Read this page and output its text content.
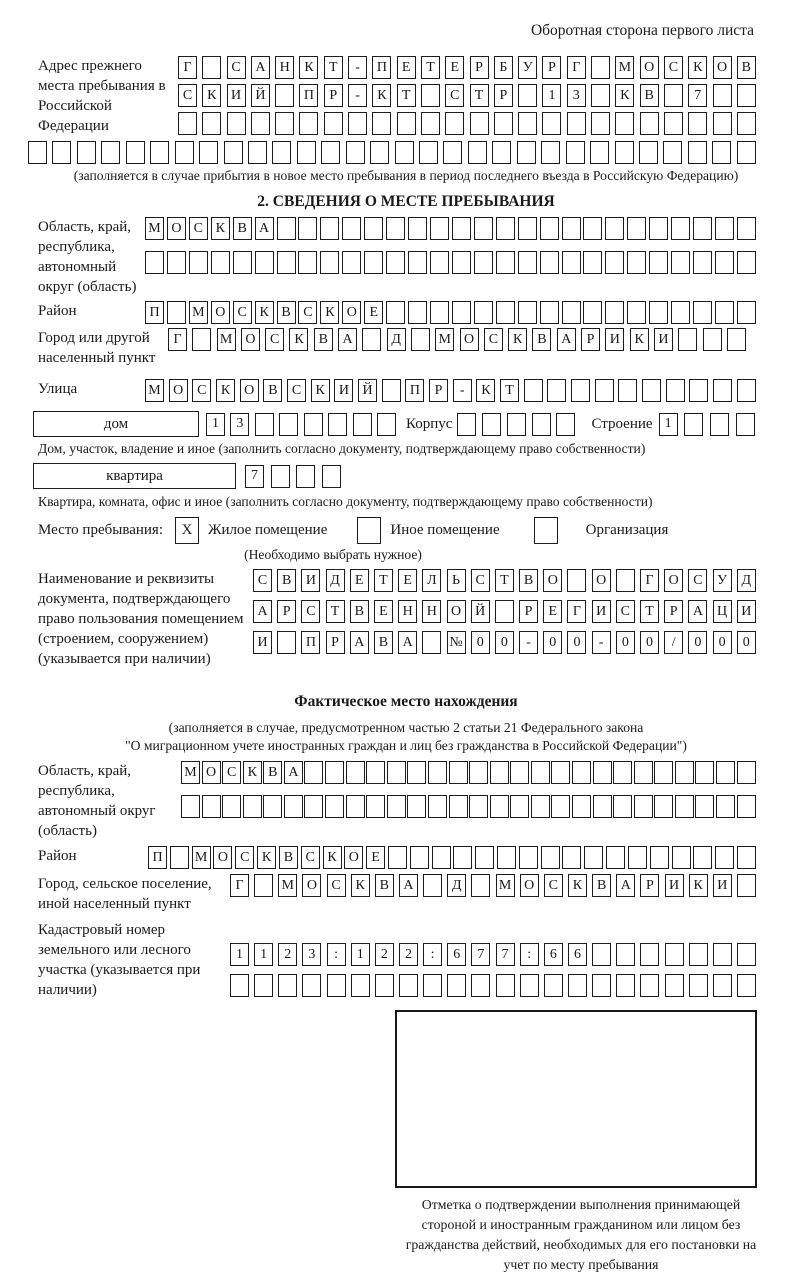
Оборотная сторона первого листа
Адрес прежнего места пребывания в Российской Федерации
Г	С	А	Н	К	Т	-	П	Е	Т	Е	Р	Б	У	Р	Г	М О	С	К	О	В
С	К	И	Й	П	Р	-	К	Т	С	Т	Р	1	3	К	В	7
(заполняется в случае прибытия в новое место пребывания в период последнего въезда в Российскую Федерацию)
2. СВЕДЕНИЯ О МЕСТЕ ПРЕБЫВАНИЯ
Область, край, республика, автономный округ (область)
М О С К В А
Район	П	М О С К В С К О Е
Город или другой населенный пункт
Г	М О	С	К	В	А	Д	М О	С	К	В	А	Р	И	К	И
Улица	М О С	К О В	С	К И Й	П	Р	-	К	Т
дом	1	3	Корпус	Строение 1
Дом, участок, владение и иное (заполнить согласно документу, подтверждающему право собственности)
квартира	7
Квартира, комната, офис и иное (заполнить согласно документу, подтверждающему право собственности)
Место пребывания:	X	Жилое помещение	Иное помещение	Организация
(Необходимо выбрать нужное)
Наименование и реквизиты документа, подтверждающего право пользования помещением (строением, сооружением) (указывается при наличии)
С	В	И	Д	Е	Т	Е	Л	Ь	С	Т	В	О	О	Г	О	С	У	Д
А	Р	С	Т	В	Е	Н	Н	О	Й	Р	Е	Г	И	С	Т	Р	А	Ц	И
И	П	Р	А	В	А	№	0	0	-	0	0	-	0	0	/	0	0	0
Фактическое место нахождения
(заполняется в случае, предусмотренном частью 2 статьи 21 Федерального закона
"О миграционном учете иностранных граждан и лиц без гражданства в Российской Федерации")
Область, край, республика, автономный округ (область)
М О С К В А
Район	П	М О С К В С К О Е
Город, сельское поселение, иной населенный пункт
Г	М О	С	К	В	А	Д	М О	С	К	В	А	Р	И	К	И
Кадастровый номер земельного или лесного участка (указывается при наличии)
1	1	2	3	:	1	2	2	:	6	7	7	:	6	6
Отметка о подтверждении выполнения принимающей стороной и иностранным гражданином или лицом без гражданства действий, необходимых для его постановки на учет по месту пребывания
